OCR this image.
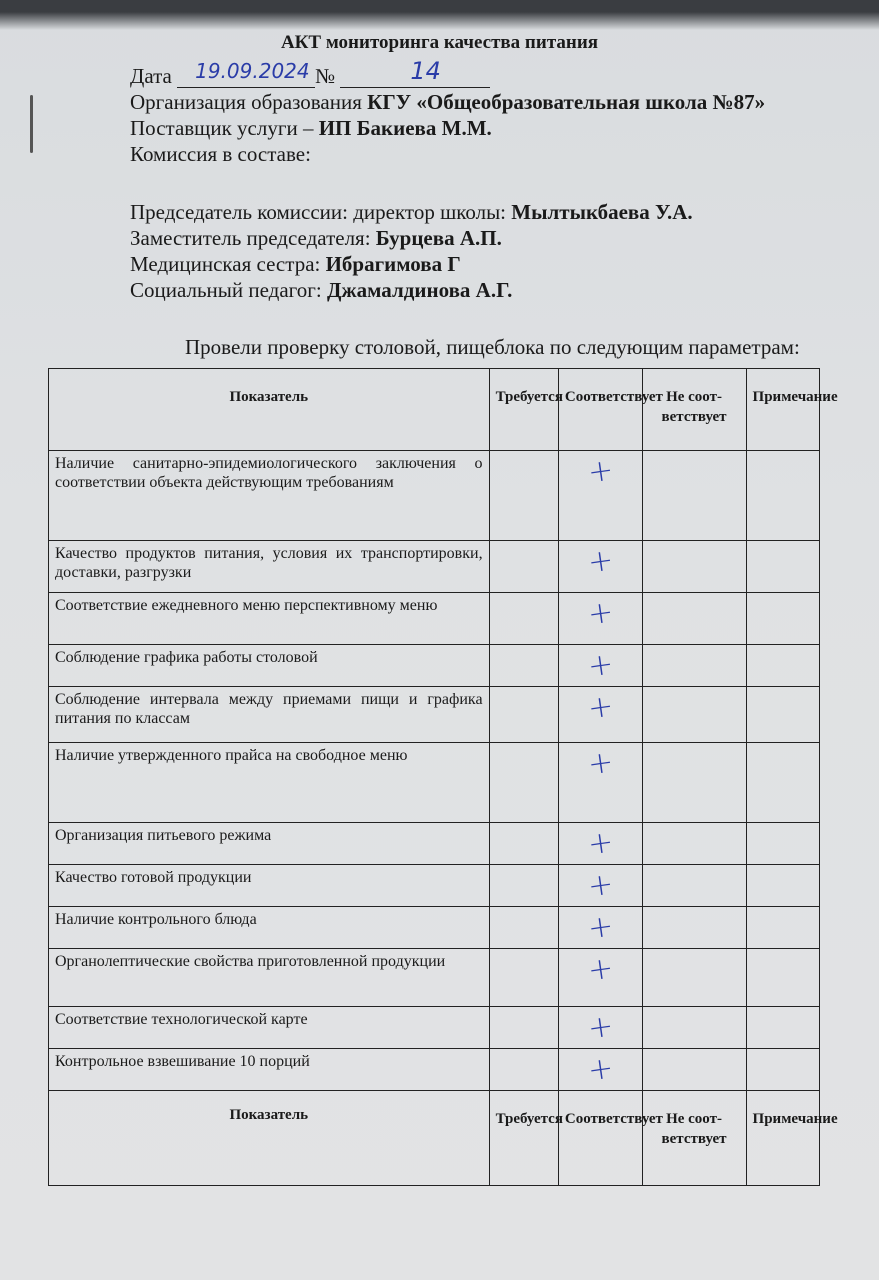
АКТ мониторинга качества питания
Дата 19.09.2024 №	14
Организация образования КГУ «Общеобразовательная школа №87»
Поставщик услуги – ИП Бакиева М.М.
Комиссия в составе:
Председатель комиссии: директор школы: Мылтыкбаева У.А.
Заместитель председателя: Бурцева А.П.
Медицинская сестра: Ибрагимова Г
Социальный педагог: Джамалдинова А.Г.
Провели проверку столовой, пищеблока по следующим параметрам:
Показатель	Требуется	Соответствует	Не соот-ветствует	Примечание
Наличие санитарно-эпидемиологического заключения о соответствии объекта действующим требованиям		+		
Качество продуктов питания, условия их транспортировки, доставки, разгрузки		+		
Соответствие ежедневного меню перспективному меню		+		
Соблюдение графика работы столовой		+		
Соблюдение интервала между приемами пищи и графика питания по классам		+		
Наличие утвержденного прайса на свободное меню		+		
Организация питьевого режима		+		
Качество готовой продукции		+		
Наличие контрольного блюда		+		
Органолептические свойства приготовленной продукции		+		
Соответствие технологической карте		+		
Контрольное взвешивание 10 порций		+		
Показатель	Требуется	Соответствует	Не соот-ветствует	Примечание
